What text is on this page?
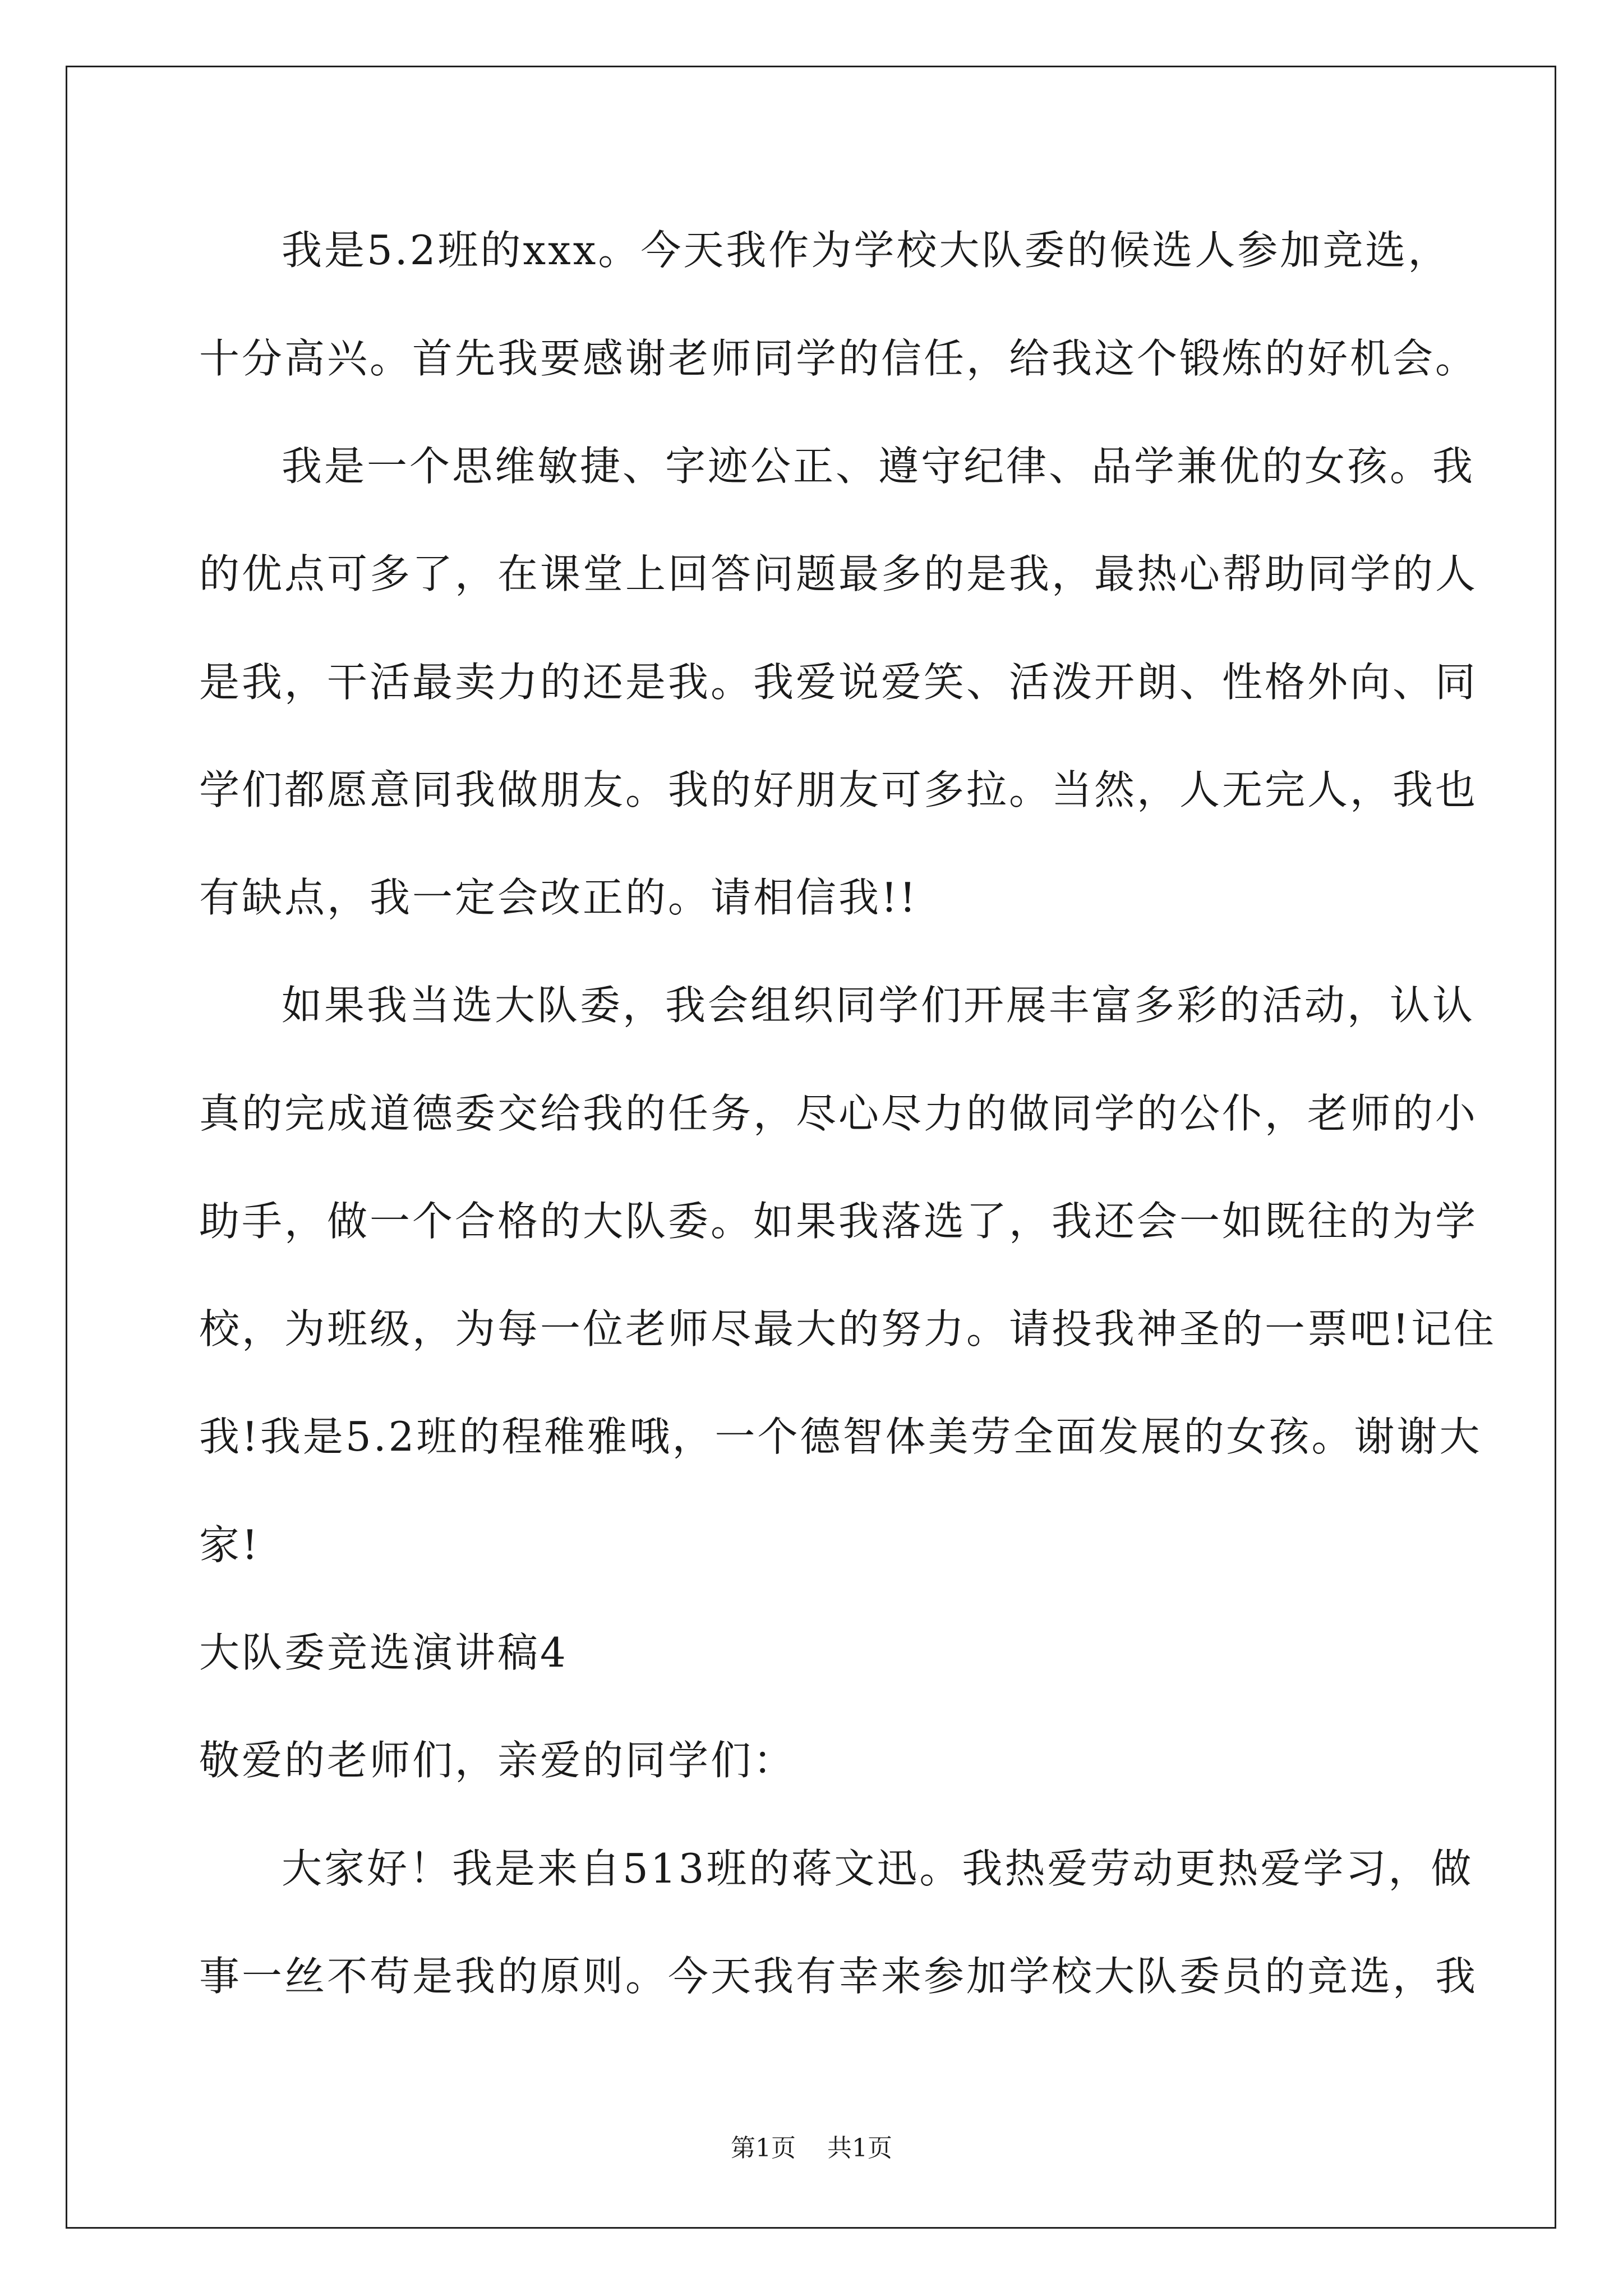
我是5.2班的xxx。今天我作为学校大队委的候选人参加竞选，
十分高兴。首先我要感谢老师同学的信任，给我这个锻炼的好机会。
我是一个思维敏捷、字迹公正、遵守纪律、品学兼优的女孩。我
的优点可多了，在课堂上回答问题最多的是我，最热心帮助同学的人
是我，干活最卖力的还是我。我爱说爱笑、活泼开朗、性格外向、同
学们都愿意同我做朋友。我的好朋友可多拉。当然，人无完人，我也
有缺点，我一定会改正的。请相信我!!
如果我当选大队委，我会组织同学们开展丰富多彩的活动，认认
真的完成道德委交给我的任务，尽心尽力的做同学的公仆，老师的小
助手，做一个合格的大队委。如果我落选了，我还会一如既往的为学
校，为班级，为每一位老师尽最大的努力。请投我神圣的一票吧!记住
我!我是5.2班的程稚雅哦，一个德智体美劳全面发展的女孩。谢谢大
家!
大队委竞选演讲稿4
敬爱的老师们，亲爱的同学们：
大家好！我是来自513班的蒋文迅。我热爱劳动更热爱学习，做
事一丝不苟是我的原则。今天我有幸来参加学校大队委员的竞选，我
第1页 共1页
